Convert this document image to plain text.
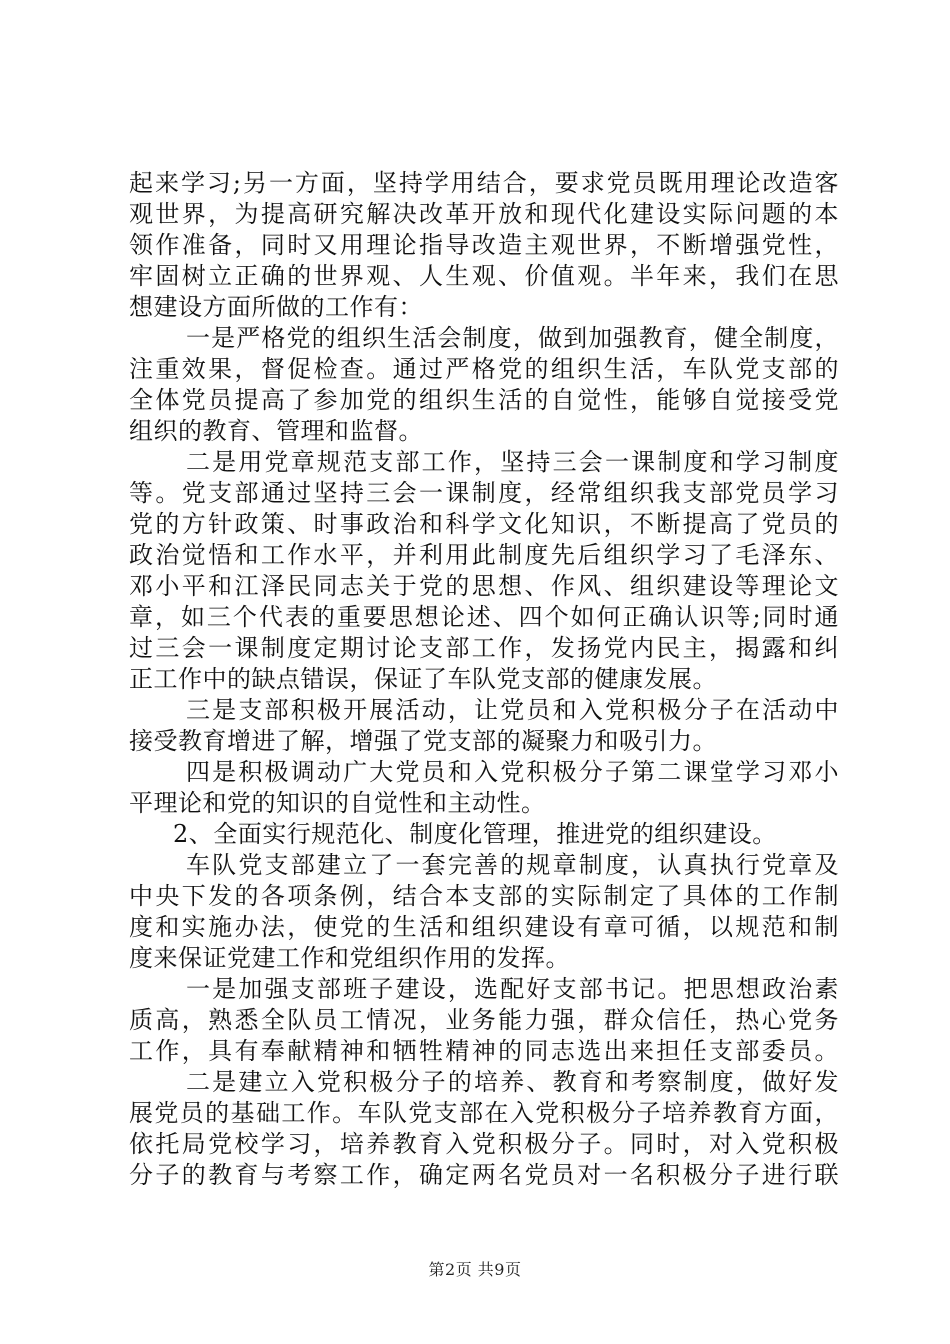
起来学习;另一方面，坚持学用结合，要求党员既用理论改造客
观世界，为提高研究解决改革开放和现代化建设实际问题的本
领作准备，同时又用理论指导改造主观世界，不断增强党性，
牢固树立正确的世界观、人生观、价值观。半年来，我们在思
想建设方面所做的工作有：
一是严格党的组织生活会制度，做到加强教育，健全制度，
注重效果，督促检查。通过严格党的组织生活，车队党支部的
全体党员提高了参加党的组织生活的自觉性，能够自觉接受党
组织的教育、管理和监督。
二是用党章规范支部工作，坚持三会一课制度和学习制度
等。党支部通过坚持三会一课制度，经常组织我支部党员学习
党的方针政策、时事政治和科学文化知识，不断提高了党员的
政治觉悟和工作水平，并利用此制度先后组织学习了毛泽东、
邓小平和江泽民同志关于党的思想、作风、组织建设等理论文
章，如三个代表的重要思想论述、四个如何正确认识等;同时通
过三会一课制度定期讨论支部工作，发扬党内民主，揭露和纠
正工作中的缺点错误，保证了车队党支部的健康发展。
三是支部积极开展活动，让党员和入党积极分子在活动中
接受教育增进了解，增强了党支部的凝聚力和吸引力。
四是积极调动广大党员和入党积极分子第二课堂学习邓小
平理论和党的知识的自觉性和主动性。
2、全面实行规范化、制度化管理，推进党的组织建设。
车队党支部建立了一套完善的规章制度，认真执行党章及
中央下发的各项条例，结合本支部的实际制定了具体的工作制
度和实施办法，使党的生活和组织建设有章可循，以规范和制
度来保证党建工作和党组织作用的发挥。
一是加强支部班子建设，选配好支部书记。把思想政治素
质高，熟悉全队员工情况，业务能力强，群众信任，热心党务
工作，具有奉献精神和牺牲精神的同志选出来担任支部委员。
二是建立入党积极分子的培养、教育和考察制度，做好发
展党员的基础工作。车队党支部在入党积极分子培养教育方面，
依托局党校学习，培养教育入党积极分子。同时，对入党积极
分子的教育与考察工作，确定两名党员对一名积极分子进行联
第2页 共9页
